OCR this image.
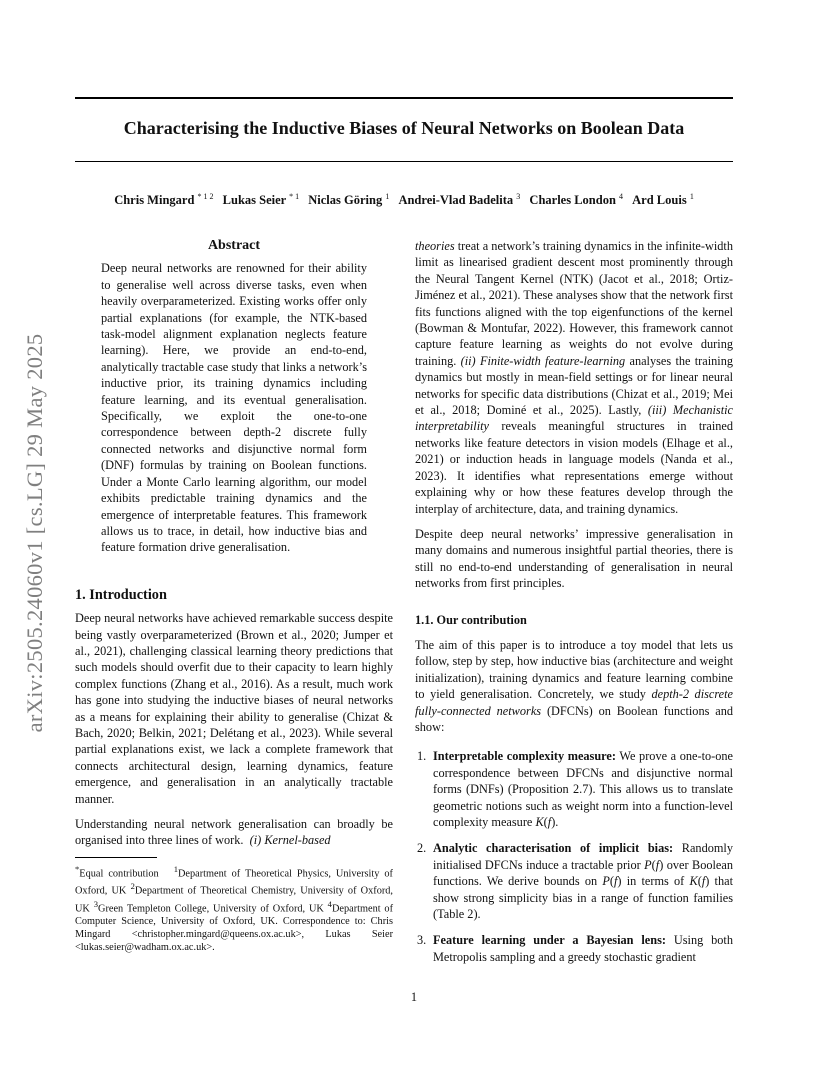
Characterising the Inductive Biases of Neural Networks on Boolean Data
Chris Mingard $^{* 1 2}$ Lukas Seier $^{* 1}$ Niclas Göring $^1$ Andrei-Vlad Badelita $^3$ Charles London $^4$ Ard Louis $^1$
arXiv:2505.24060v1 [cs.LG] 29 May 2025
Abstract

Deep neural networks are renowned for their ability to generalise well across diverse tasks, even when heavily overparameterized. Existing works offer only partial explanations (for example, the NTK-based task-model alignment explanation neglects feature learning). Here, we provide an end-to-end, analytically tractable case study that links a network’s inductive prior, its training dynamics including feature learning, and its eventual generalisation. Specifically, we exploit the one-to-one correspondence between depth-2 discrete fully connected networks and disjunctive normal form (DNF) formulas by training on Boolean functions. Under a Monte Carlo learning algorithm, our model exhibits predictable training dynamics and the emergence of interpretable features. This framework allows us to trace, in detail, how inductive bias and feature formation drive generalisation.

1. Introduction

Deep neural networks have achieved remarkable success despite being vastly overparameterized (Brown et al., 2020; Jumper et al., 2021), challenging classical learning theory predictions that such models should overfit due to their capacity to learn highly complex functions (Zhang et al., 2016). As a result, much work has gone into studying the inductive biases of neural networks as a means for explaining their ability to generalise (Chizat & Bach, 2020; Belkin, 2021; Delétang et al., 2023). While several partial explanations exist, we lack a complete framework that connects architectural design, learning dynamics, feature emergence, and generalisation in an analytically tractable manner.

Understanding neural network generalisation can broadly be organised into three lines of work. (i) Kernel-based

*Equal contribution   $^1$Department of Theoretical Physics, University of Oxford, UK $^2$Department of Theoretical Chemistry, University of Oxford, UK $^3$Green Templeton College, University of Oxford, UK $^4$Department of Computer Science, University of Oxford, UK. Correspondence to: Chris Mingard <christopher.mingard@queens.ox.ac.uk>, Lukas Seier <lukas.seier@wadham.ox.ac.uk>.

theories treat a network’s training dynamics in the infinite-width limit as linearised gradient descent most prominently through the Neural Tangent Kernel (NTK) (Jacot et al., 2018; Ortiz-Jiménez et al., 2021). These analyses show that the network first fits functions aligned with the top eigenfunctions of the kernel (Bowman & Montufar, 2022). However, this framework cannot capture feature learning as weights do not evolve during training. (ii) Finite-width feature-learning analyses the training dynamics but mostly in mean-field settings or for linear neural networks for specific data distributions (Chizat et al., 2019; Mei et al., 2018; Dominé et al., 2025). Lastly, (iii) Mechanistic interpretability reveals meaningful structures in trained networks like feature detectors in vision models (Elhage et al., 2021) or induction heads in language models (Nanda et al., 2023). It identifies what representations emerge without explaining why or how these features develop through the interplay of architecture, data, and training dynamics.

Despite deep neural networks’ impressive generalisation in many domains and numerous insightful partial theories, there is still no end-to-end understanding of generalisation in neural networks from first principles.

1.1. Our contribution

The aim of this paper is to introduce a toy model that lets us follow, step by step, how inductive bias (architecture and weight initialization), training dynamics and feature learning combine to yield generalisation. Concretely, we study depth-2 discrete fully-connected networks (DFCNs) on Boolean functions and show:

1. Interpretable complexity measure: We prove a one-to-one correspondence between DFCNs and disjunctive normal forms (DNFs) (Proposition 2.7). This allows us to translate geometric notions such as weight norm into a function-level complexity measure K(f).
2. Analytic characterisation of implicit bias: Randomly initialised DFCNs induce a tractable prior P(f) over Boolean functions. We derive bounds on P(f) in terms of K(f) that show strong simplicity bias in a range of function families (Table 2).
3. Feature learning under a Bayesian lens: Using both Metropolis sampling and a greedy stochastic gradient
1
